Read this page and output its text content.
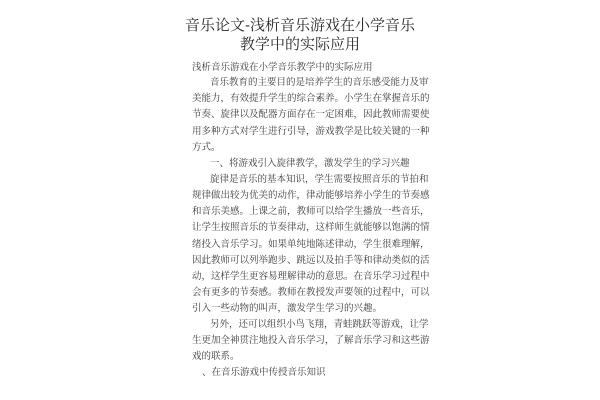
音乐论文-浅析音乐游戏在小学音乐教学中的实际应用
浅析音乐游戏在小学音乐教学中的实际应用
音乐教育的主要目的是培养学生的音乐感受能力及审
美能力，有效提升学生的综合素养。小学生在掌握音乐的
节奏、旋律以及配器方面存在一定困难，因此教师需要使
用多种方式对学生进行引导，游戏教学是比较关键的一种
方式。
一、将游戏引入旋律教学，激发学生的学习兴趣
旋律是音乐的基本知识，学生需要按照音乐的节拍和
规律做出较为优美的动作，律动能够培养小学生的节奏感
和音乐美感。上课之前，教师可以给学生播放一些音乐，
让学生按照音乐的节奏律动，这样师生就能够以饱满的情
绪投入音乐学习。如果单纯地陈述律动，学生很难理解，
因此教师可以列举跑步、跳远以及拍手等和律动类似的活
动，这样学生更容易理解律动的意思。在音乐学习过程中
会有更多的节奏感。教师在教授发声要领的过程中，可以
引入一些动物的叫声，激发学生学习的兴趣。
另外，还可以组织小鸟飞翔，青蛙跳跃等游戏，让学
生更加全神贯注地投入音乐学习，了解音乐学习和这些游
戏的联系。
、在音乐游戏中传授音乐知识
